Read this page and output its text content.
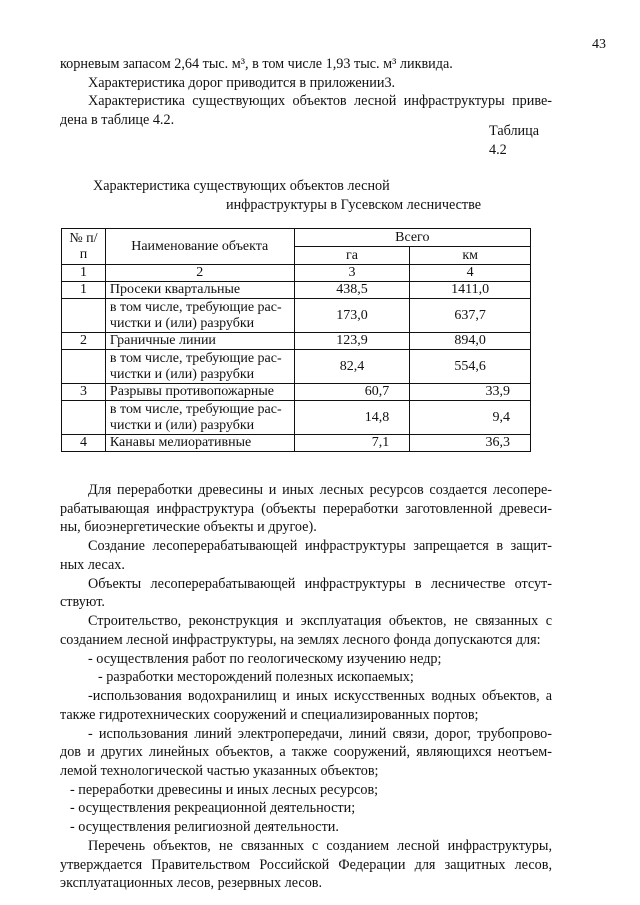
43

корневым запасом 2,64 тыс. м³, в том числе 1,93 тыс. м³ ликвида.

Характеристика дорог приводится в приложении3.

Характеристика существующих объектов лесной инфраструктуры приве- дена в таблице 4.2.

Таблица 4.2
Характеристика существующих объектов лесной
инфраструктуры в Гусевском лесничестве
№ п/п	Наименование объекта	Всего	
		га	км
1	2	3	4
1	Просеки квартальные	438,5	1411,0
	в том числе, требующие рас- чистки и (или) разрубки	173,0	637,7
2	Граничные линии	123,9	894,0
	в том числе, требующие рас- чистки и (или) разрубки	82,4	554,6
3	Разрывы противопожарные	60,7	33,9
	в том числе, требующие рас- чистки и (или) разрубки	14,8	9,4
4	Канавы мелиоративные	7,1	36,3

Для переработки древесины и иных лесных ресурсов создается лесопере- рабатывающая инфраструктура (объекты переработки заготовленной древеси- ны, биоэнергетические объекты и другое).

Создание лесоперерабатывающей инфраструктуры запрещается в защит- ных лесах.

Объекты лесоперерабатывающей инфраструктуры в лесничестве отсут- ствуют.

Строительство, реконструкция и эксплуатация объектов, не связанных с созданием лесной инфраструктуры, на землях лесного фонда допускаются для:

- осуществления работ по геологическому изучению недр;

- разработки месторождений полезных ископаемых;

-использования водохранилищ и иных искусственных водных объектов, а также гидротехнических сооружений и специализированных портов;

- использования линий электропередачи, линий связи, дорог, трубопрово- дов и других линейных объектов, а также сооружений, являющихся неотъем- лемой технологической частью указанных объектов;

- переработки древесины и иных лесных ресурсов;

- осуществления рекреационной деятельности;

- осуществления религиозной деятельности.

Перечень объектов, не связанных с созданием лесной инфраструктуры, утверждается Правительством Российской Федерации для защитных лесов, эксплуатационных лесов, резервных лесов.
